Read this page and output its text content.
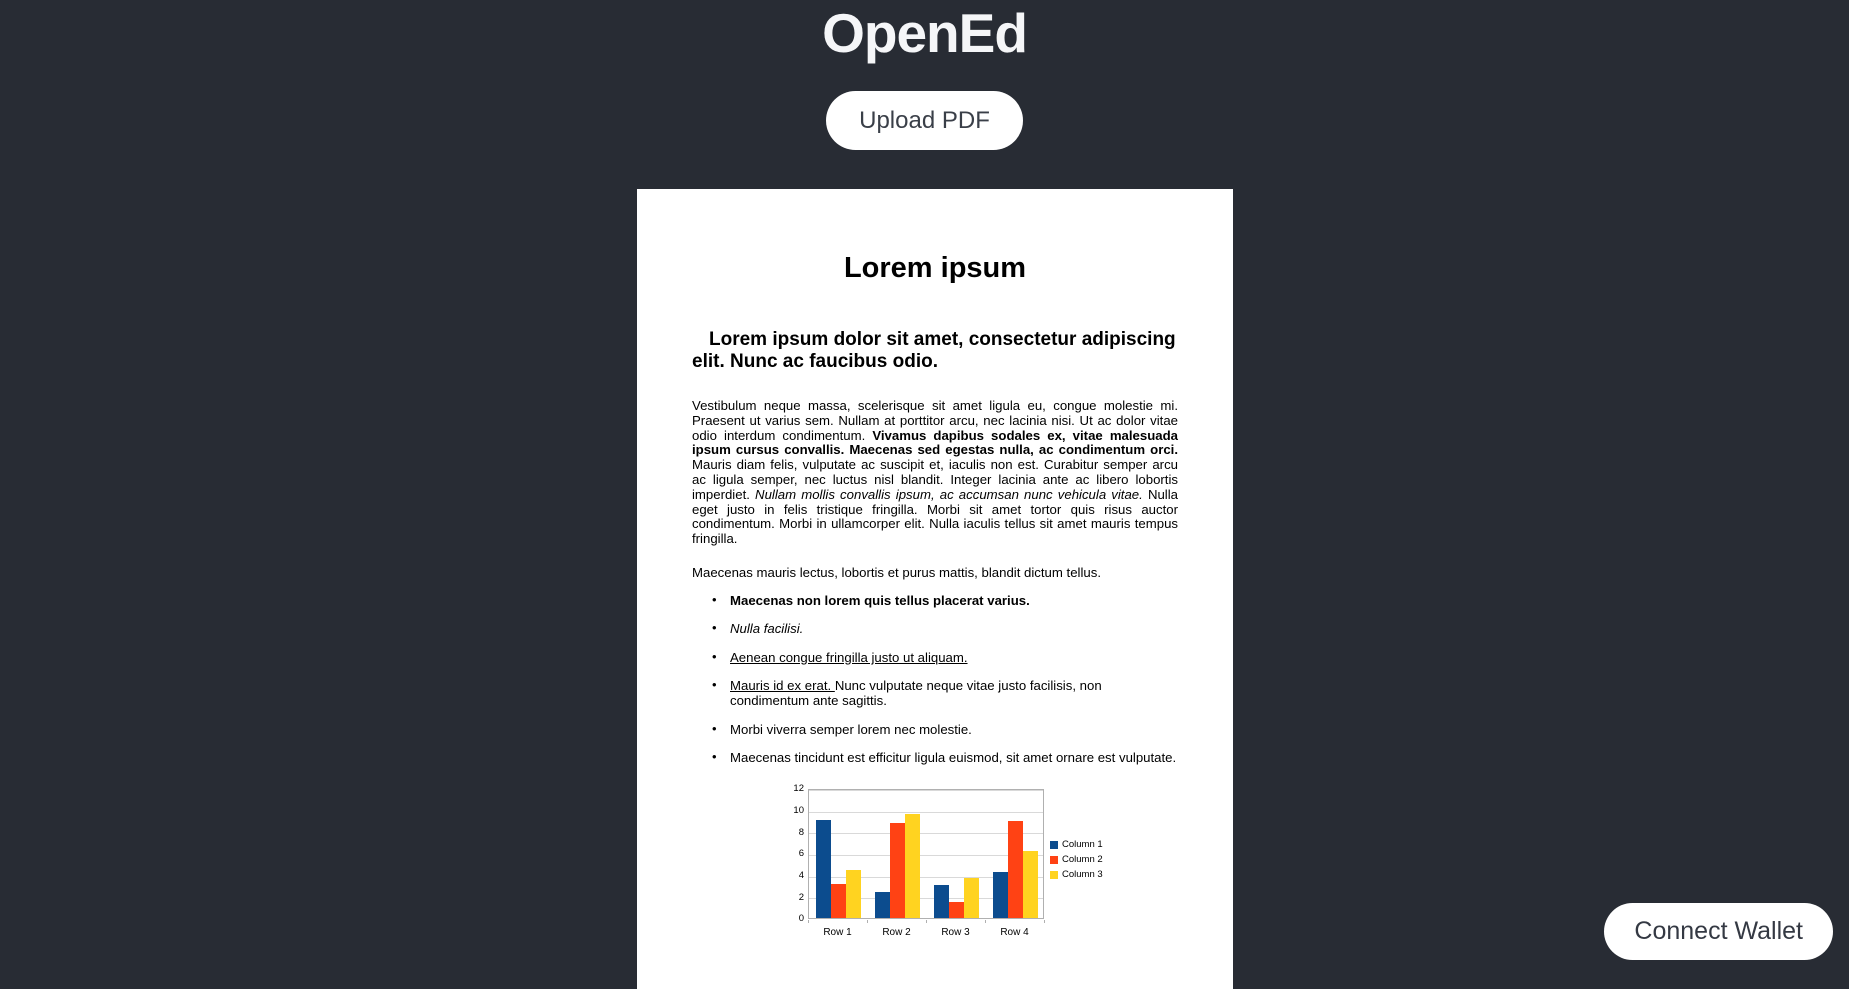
OpenEd
Upload PDF
Lorem ipsum

Lorem ipsum dolor sit amet, consectetur adipiscing elit. Nunc ac faucibus odio.

Vestibulum neque massa, scelerisque sit amet ligula eu, congue molestie mi. Praesent ut varius sem. Nullam at porttitor arcu, nec lacinia nisi. Ut ac dolor vitae odio interdum condimentum. Vivamus dapibus sodales ex, vitae malesuada ipsum cursus convallis. Maecenas sed egestas nulla, ac condimentum orci. Mauris diam felis, vulputate ac suscipit et, iaculis non est. Curabitur semper arcu ac ligula semper, nec luctus nisl blandit. Integer lacinia ante ac libero lobortis imperdiet. Nullam mollis convallis ipsum, ac accumsan nunc vehicula vitae. Nulla eget justo in felis tristique fringilla. Morbi sit amet tortor quis risus auctor condimentum. Morbi in ullamcorper elit. Nulla iaculis tellus sit amet mauris tempus fringilla.

Maecenas mauris lectus, lobortis et purus mattis, blandit dictum tellus.

• Maecenas non lorem quis tellus placerat varius.
• Nulla facilisi.
• Aenean congue fringilla justo ut aliquam.
• Mauris id ex erat. Nunc vulputate neque vitae justo facilisis, non condimentum ante sagittis.
• Morbi viverra semper lorem nec molestie.
• Maecenas tincidunt est efficitur ligula euismod, sit amet ornare est vulputate.
Column 1
Column 2
Column 3
0
2
4
6
8
10
12
Row 1	Row 2	Row 3	Row 4	Connect Wallet
